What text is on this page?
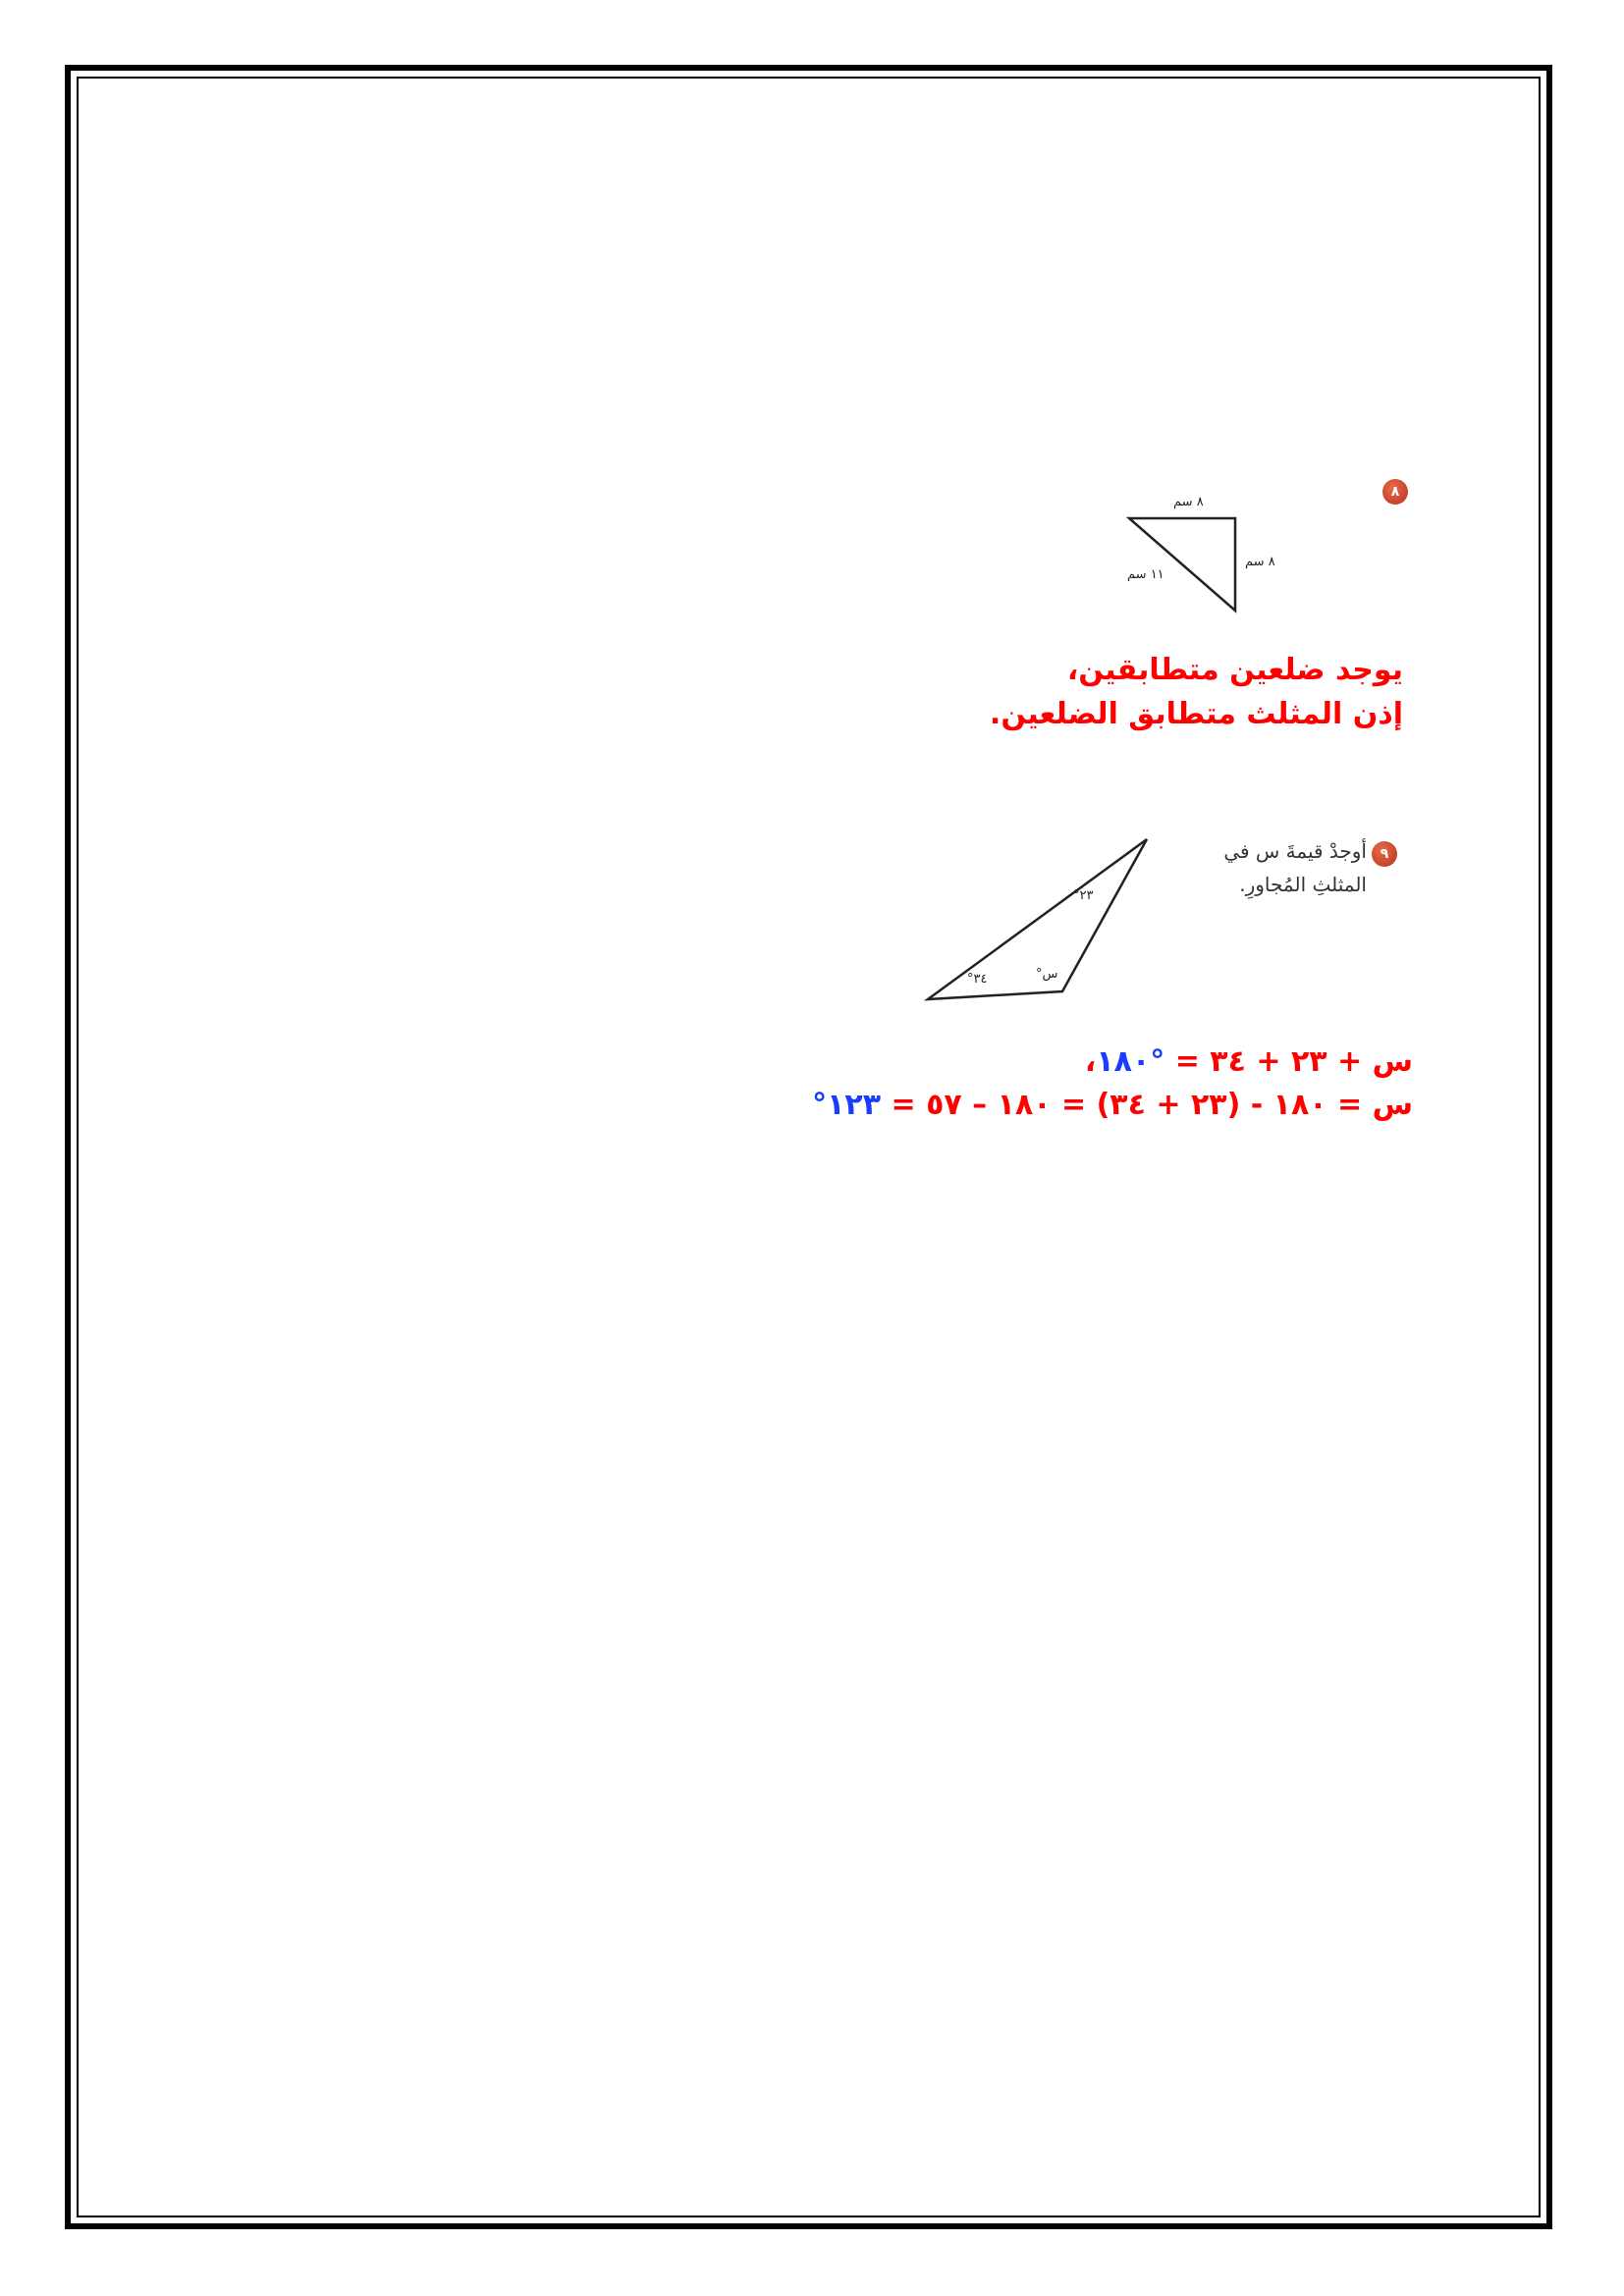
٨
٨ سم
٨ سم
١١ سم
يوجد ضلعين متطابقين،
إذن المثلث متطابق الضلعين.
٩
أوجدْ قيمةَ س في
المثلثِ المُجاورِ.
٢٣°
٣٤°	س°
س + ٢٣ + ٣٤ = °١٨٠،
س = ١٨٠ - (٢٣ + ٣٤) = ١٨٠ – ٥٧ = ١٢٣°
